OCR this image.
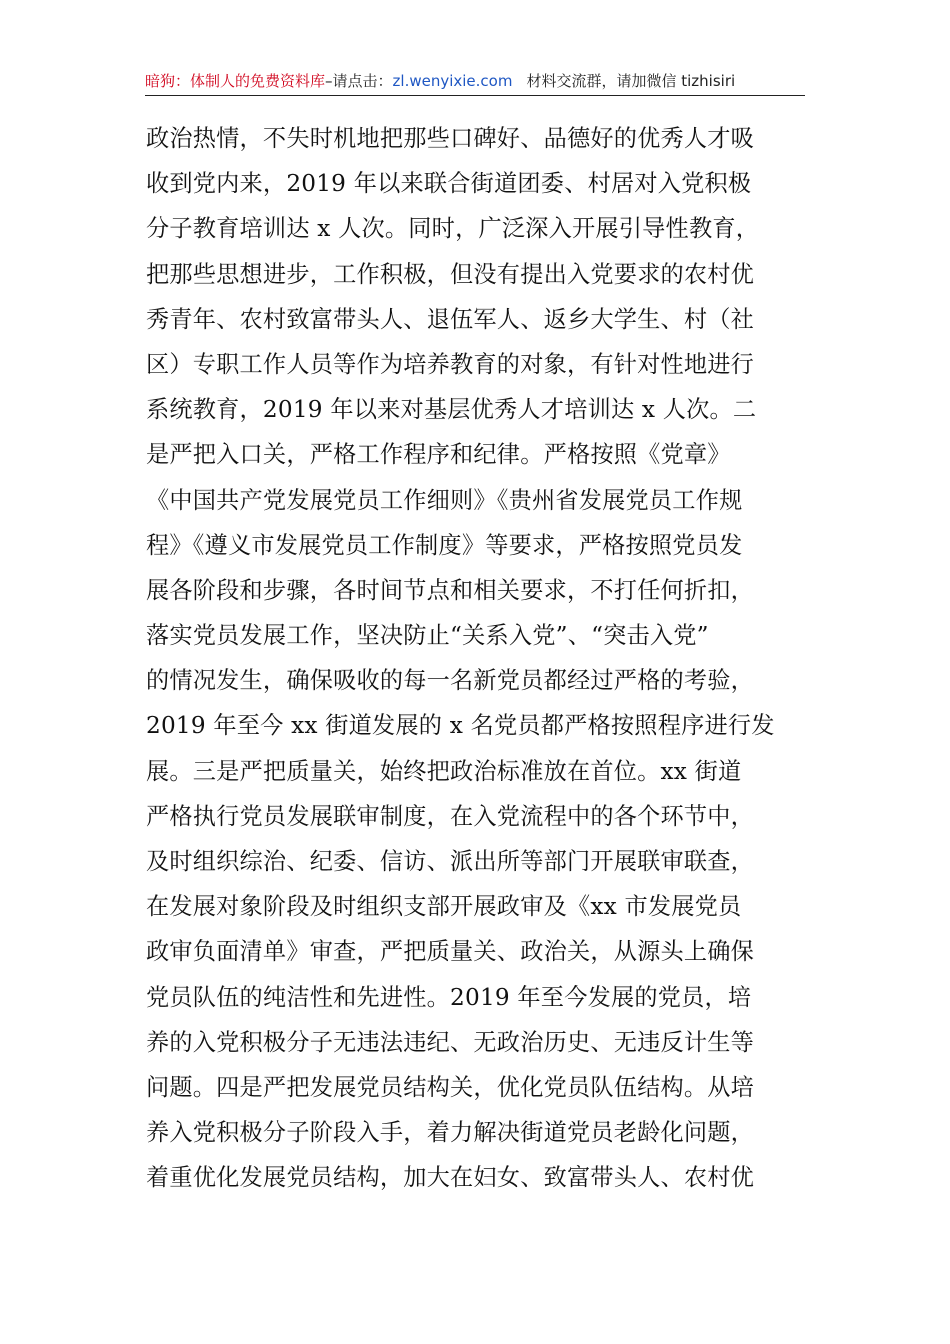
暗狗：体制人的免费资料库–请点击：zl.wenyixie.com 材料交流群，请加微信 tizhisiri
政治热情，不失时机地把那些口碑好、品德好的优秀人才吸
收到党内来，2019 年以来联合街道团委、村居对入党积极
分子教育培训达 x 人次。同时，广泛深入开展引导性教育，
把那些思想进步，工作积极，但没有提出入党要求的农村优
秀青年、农村致富带头人、退伍军人、返乡大学生、村（社
区）专职工作人员等作为培养教育的对象，有针对性地进行
系统教育，2019 年以来对基层优秀人才培训达 x 人次。二
是严把入口关，严格工作程序和纪律。严格按照《党章》
《中国共产党发展党员工作细则》《贵州省发展党员工作规
程》《遵义市发展党员工作制度》等要求，严格按照党员发
展各阶段和步骤，各时间节点和相关要求，不打任何折扣，
落实党员发展工作，坚决防止“关系入党”、“突击入党”
的情况发生，确保吸收的每一名新党员都经过严格的考验，
2019 年至今 xx 街道发展的 x 名党员都严格按照程序进行发
展。三是严把质量关，始终把政治标准放在首位。xx 街道
严格执行党员发展联审制度，在入党流程中的各个环节中，
及时组织综治、纪委、信访、派出所等部门开展联审联查，
在发展对象阶段及时组织支部开展政审及《xx 市发展党员
政审负面清单》审查，严把质量关、政治关，从源头上确保
党员队伍的纯洁性和先进性。2019 年至今发展的党员，培
养的入党积极分子无违法违纪、无政治历史、无违反计生等
问题。四是严把发展党员结构关，优化党员队伍结构。从培
养入党积极分子阶段入手，着力解决街道党员老龄化问题，
着重优化发展党员结构，加大在妇女、致富带头人、农村优
